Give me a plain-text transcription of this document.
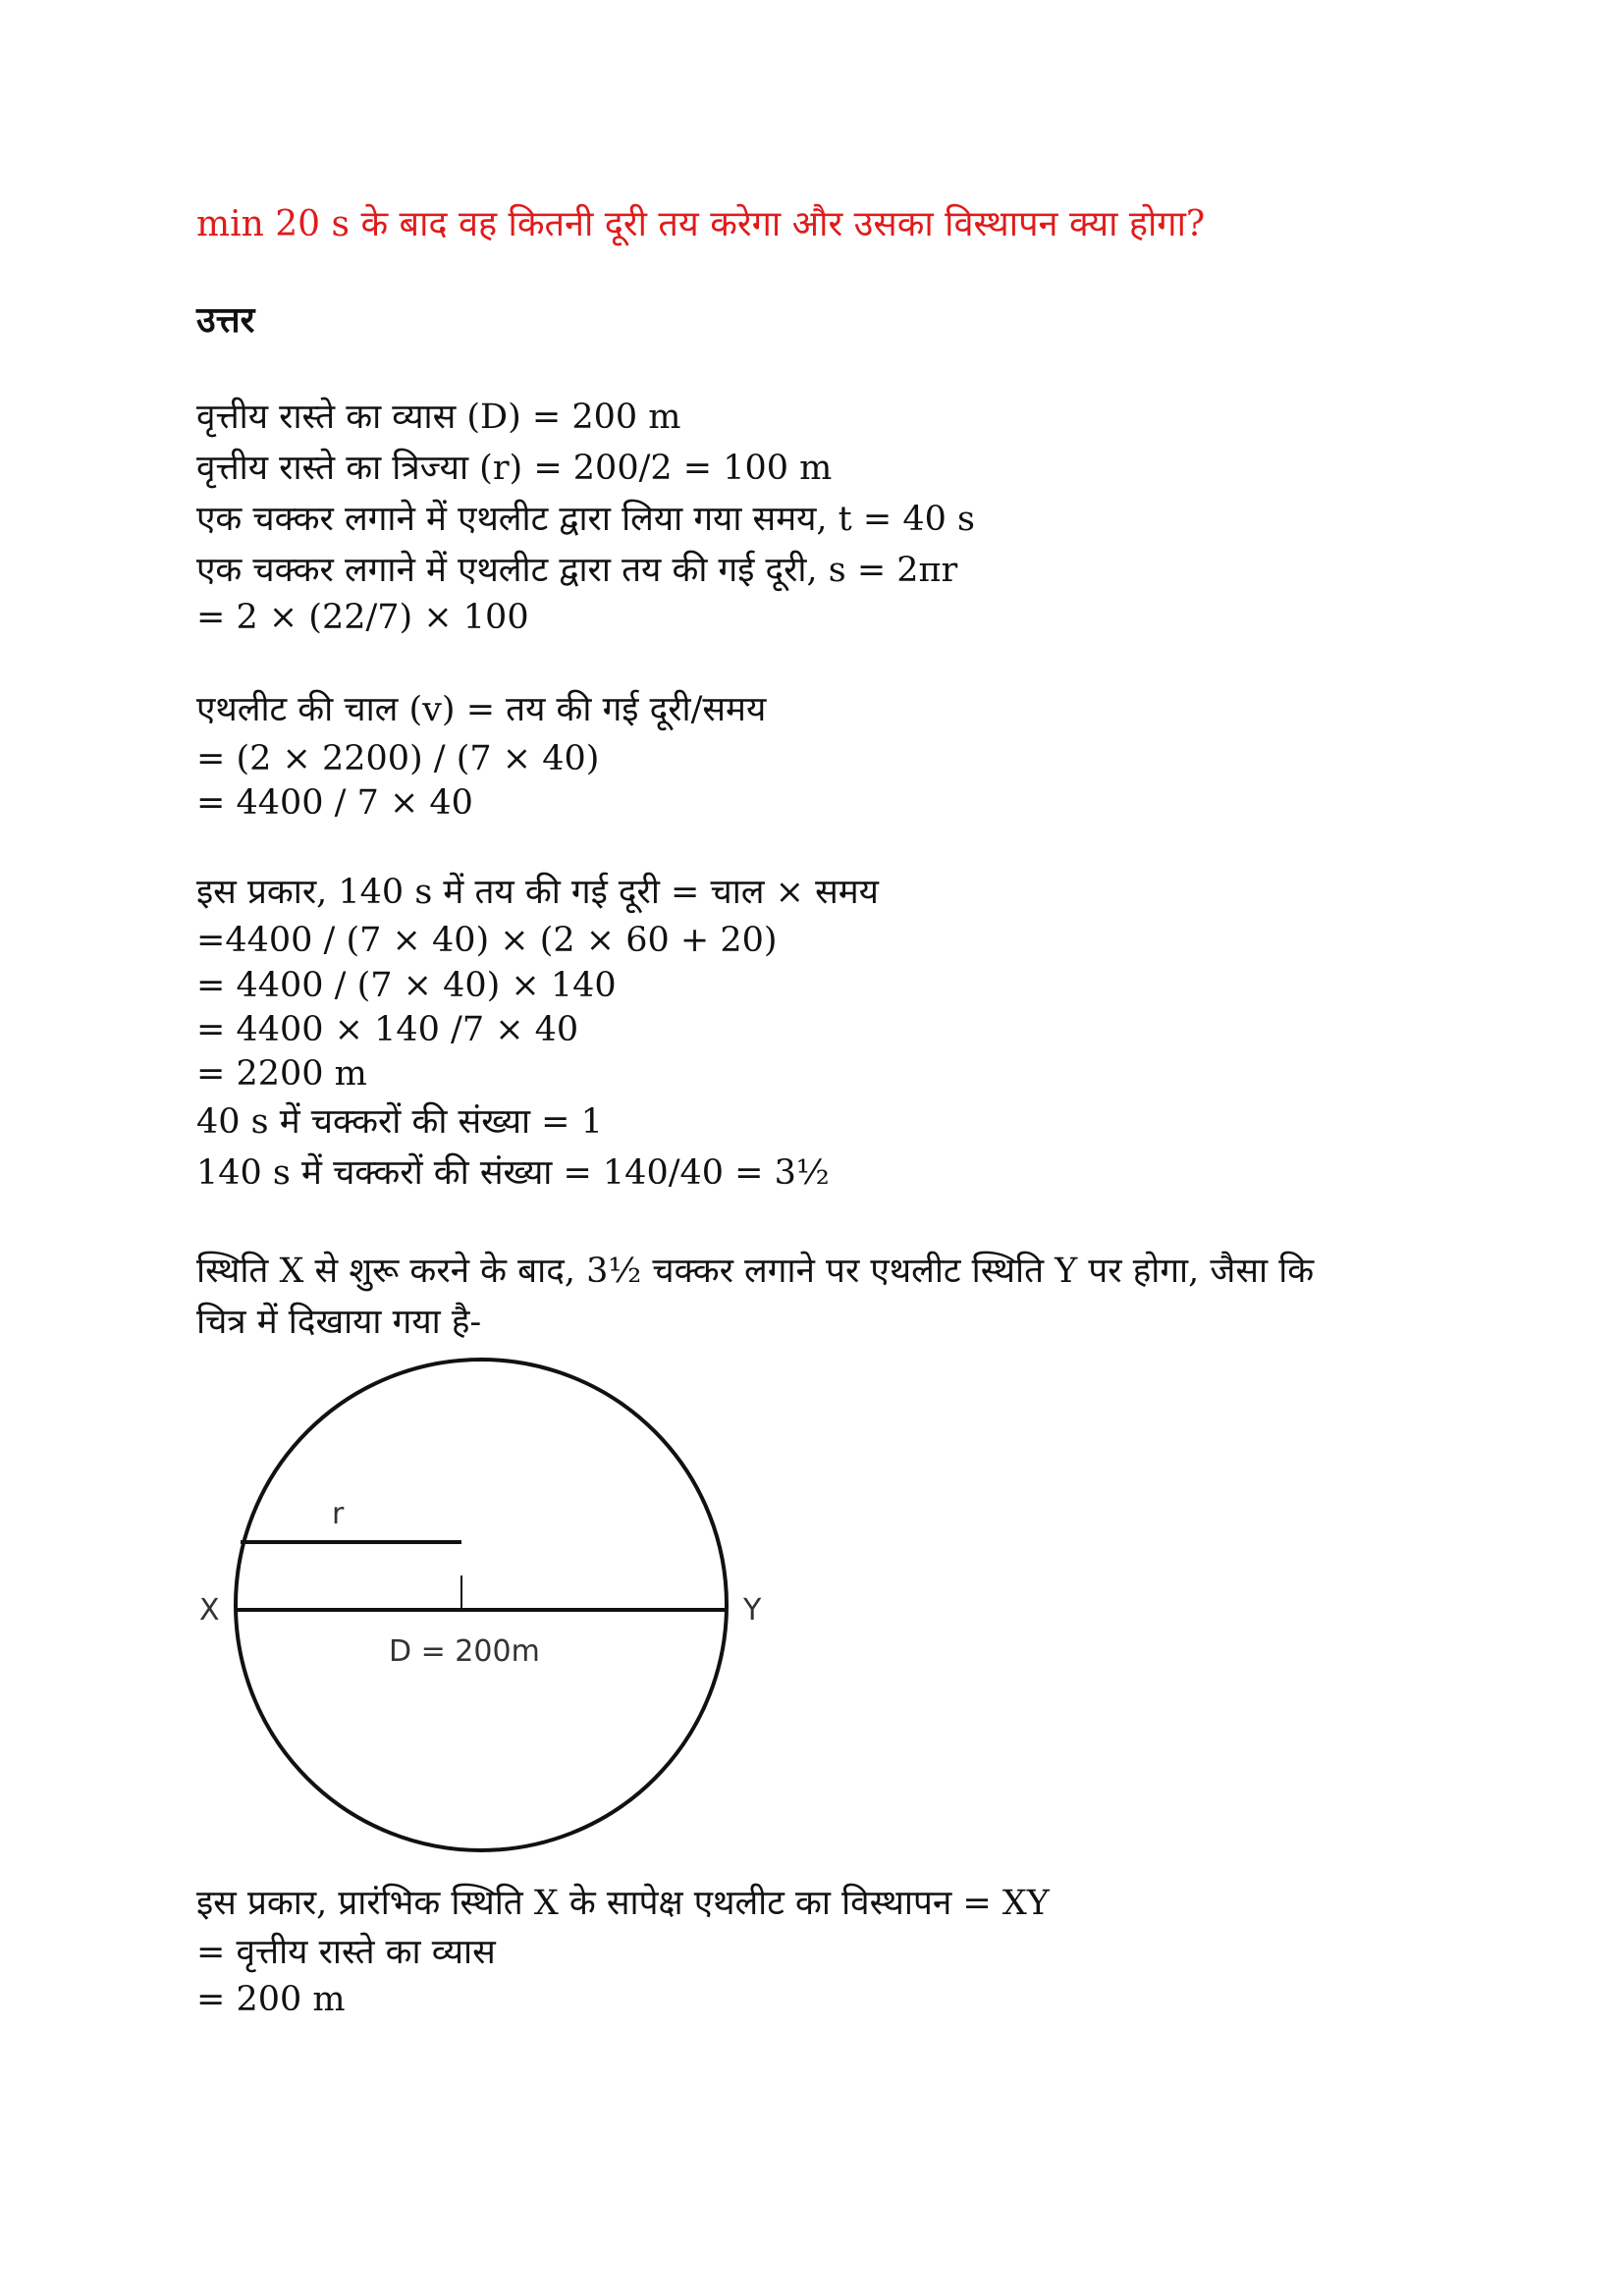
min 20 s के बाद वह कितनी दूरी तय करेगा और उसका विस्थापन क्या होगा?
उत्तर
वृत्तीय रास्ते का व्यास (D) = 200 m
वृत्तीय रास्ते का त्रिज्या (r) = 200/2 = 100 m
एक चक्कर लगाने में एथलीट द्वारा लिया गया समय, t = 40 s
एक चक्कर लगाने में एथलीट द्वारा तय की गई दूरी, s = 2πr
= 2 × (22/7) × 100
एथलीट की चाल (v) = तय की गई दूरी/समय
= (2 × 2200) / (7 × 40)
= 4400 / 7 × 40
इस प्रकार, 140 s में तय की गई दूरी = चाल × समय
=4400 / (7 × 40) × (2 × 60 + 20)
= 4400 / (7 × 40) × 140
= 4400 × 140 /7 × 40
= 2200 m
40 s में चक्करों की संख्या = 1
140 s में चक्करों की संख्या = 140/40 = 3½
स्थिति X से शुरू करने के बाद, 3½ चक्कर लगाने पर एथलीट स्थिति Y पर होगा, जैसा कि
चित्र में दिखाया गया है-
r
X	Y
D = 200m
इस प्रकार, प्रारंभिक स्थिति X के सापेक्ष एथलीट का विस्थापन = XY
= वृत्तीय रास्ते का व्यास
= 200 m
